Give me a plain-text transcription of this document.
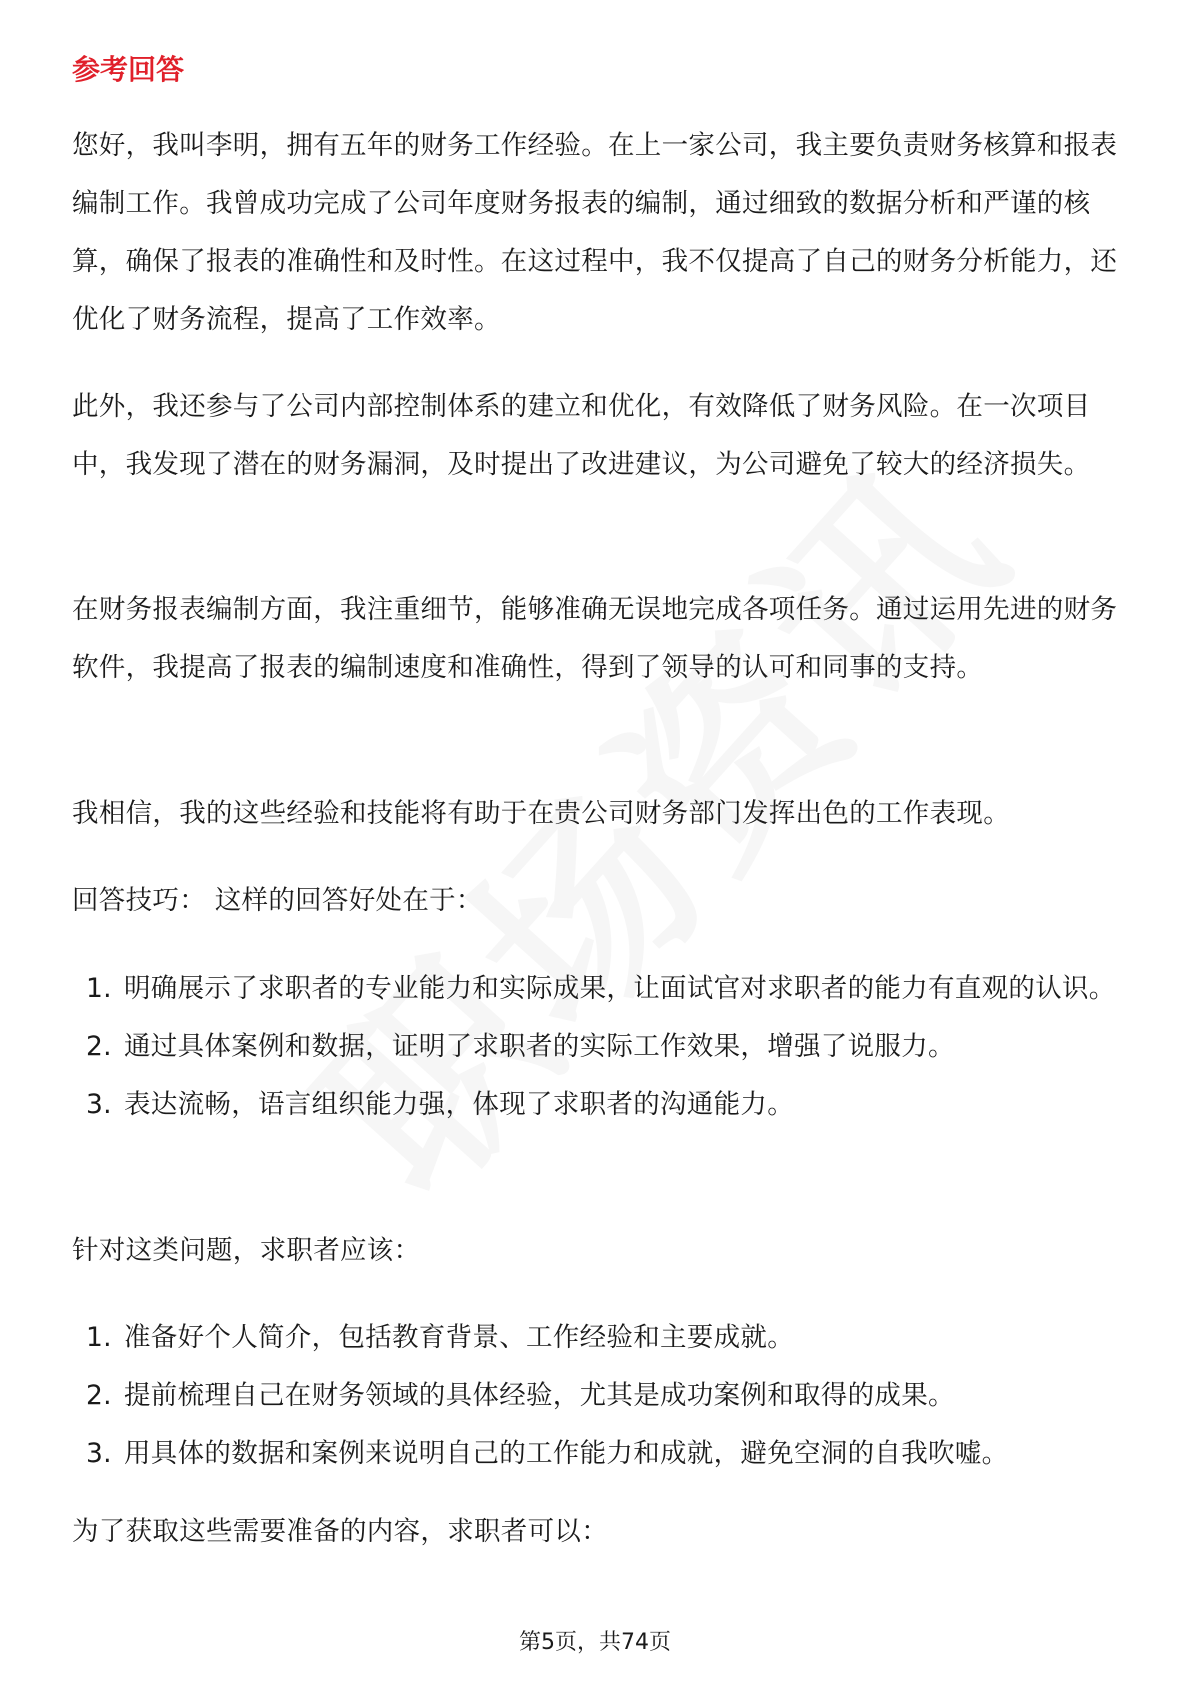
参考回答

您好，我叫李明，拥有五年的财务工作经验。在上一家公司，我主要负责财务核算和报表编制工作。我曾成功完成了公司年度财务报表的编制，通过细致的数据分析和严谨的核算，确保了报表的准确性和及时性。在这过程中，我不仅提高了自己的财务分析能力，还优化了财务流程，提高了工作效率。

此外，我还参与了公司内部控制体系的建立和优化，有效降低了财务风险。在一次项目中，我发现了潜在的财务漏洞，及时提出了改进建议，为公司避免了较大的经济损失。

在财务报表编制方面，我注重细节，能够准确无误地完成各项任务。通过运用先进的财务软件，我提高了报表的编制速度和准确性，得到了领导的认可和同事的支持。

我相信，我的这些经验和技能将有助于在贵公司财务部门发挥出色的工作表现。

回答技巧： 这样的回答好处在于：

1. 明确展示了求职者的专业能力和实际成果，让面试官对求职者的能力有直观的认识。
2. 通过具体案例和数据，证明了求职者的实际工作效果，增强了说服力。
3. 表达流畅，语言组织能力强，体现了求职者的沟通能力。

针对这类问题，求职者应该：

1. 准备好个人简介，包括教育背景、工作经验和主要成就。
2. 提前梳理自己在财务领域的具体经验，尤其是成功案例和取得的成果。
3. 用具体的数据和案例来说明自己的工作能力和成就，避免空洞的自我吹嘘。

为了获取这些需要准备的内容，求职者可以：

第5页，共74页
